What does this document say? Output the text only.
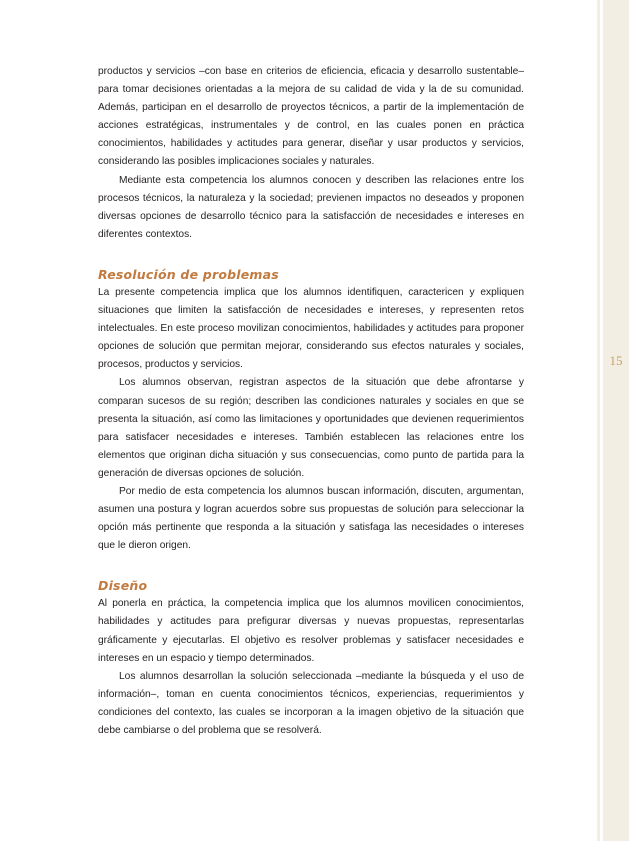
15

productos y servicios –con base en criterios de eficiencia, eficacia y desarrollo sustentable– para tomar decisiones orientadas a la mejora de su calidad de vida y la de su comunidad. Además, participan en el desarrollo de proyectos técnicos, a partir de la implementación de acciones estratégicas, instrumentales y de control, en las cuales ponen en práctica conocimientos, habilidades y actitudes para generar, diseñar y usar productos y servicios, considerando las posibles implicaciones sociales y naturales.

Mediante esta competencia los alumnos conocen y describen las relaciones entre los procesos técnicos, la naturaleza y la sociedad; previenen impactos no deseados y proponen diversas opciones de desarrollo técnico para la satisfacción de necesidades e intereses en diferentes contextos.

Resolución de problemas

La presente competencia implica que los alumnos identifiquen, caractericen y expliquen situaciones que limiten la satisfacción de necesidades e intereses, y representen retos intelectuales. En este proceso movilizan conocimientos, habilidades y actitudes para proponer opciones de solución que permitan mejorar, considerando sus efectos naturales y sociales, procesos, productos y servicios.

Los alumnos observan, registran aspectos de la situación que debe afrontarse y comparan sucesos de su región; describen las condiciones naturales y sociales en que se presenta la situación, así como las limitaciones y oportunidades que devienen requerimientos para satisfacer necesidades e intereses. También establecen las relaciones entre los elementos que originan dicha situación y sus consecuencias, como punto de partida para la generación de diversas opciones de solución.

Por medio de esta competencia los alumnos buscan información, discuten, argumentan, asumen una postura y logran acuerdos sobre sus propuestas de solución para seleccionar la opción más pertinente que responda a la situación y satisfaga las necesidades o intereses que le dieron origen.

Diseño

Al ponerla en práctica, la competencia implica que los alumnos movilicen conocimientos, habilidades y actitudes para prefigurar diversas y nuevas propuestas, representarlas gráficamente y ejecutarlas. El objetivo es resolver problemas y satisfacer necesidades e intereses en un espacio y tiempo determinados.

Los alumnos desarrollan la solución seleccionada –mediante la búsqueda y el uso de información–, toman en cuenta conocimientos técnicos, experiencias, requerimientos y condiciones del contexto, las cuales se incorporan a la imagen objetivo de la situación que debe cambiarse o del problema que se resolverá.
